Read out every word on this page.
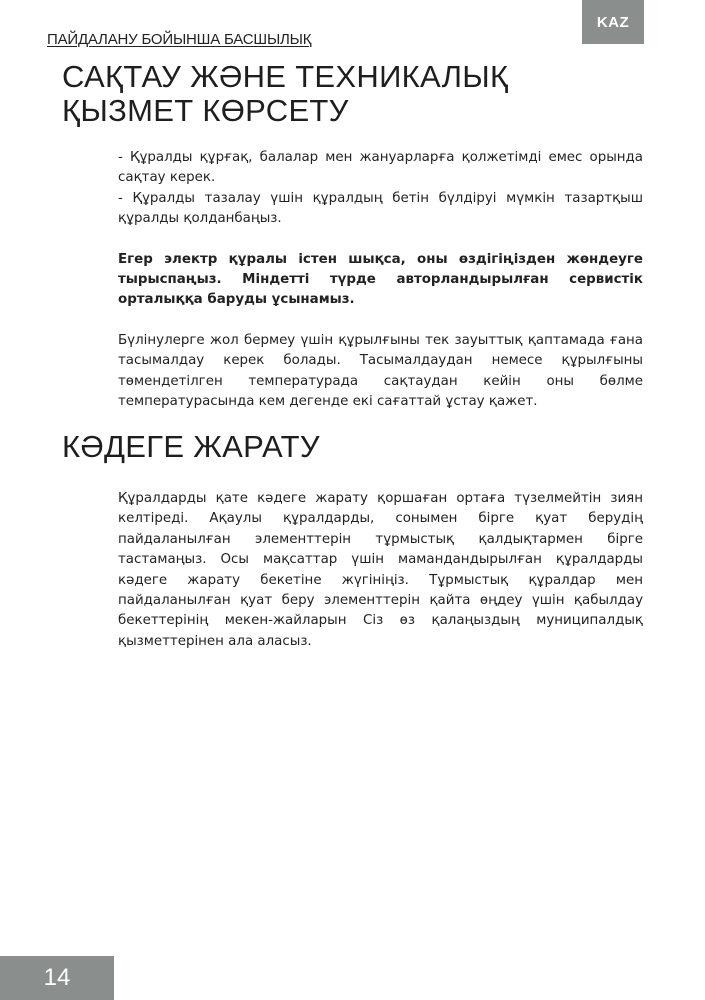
KAZ
ПАЙДАЛАНУ БОЙЫНША БАСШЫЛЫҚ
САҚТАУ ЖӘНЕ ТЕХНИКАЛЫҚ ҚЫЗМЕТ КӨРСЕТУ

- Құралды құрғақ, балалар мен жануарларға қолжетімді емес орында сақтау керек.

- Құралды тазалау үшін құралдың бетін бүлдіруі мүмкін тазартқыш құралды қолданбаңыз.

Егер электр құралы істен шықса, оны өздігіңізден жөндеуге тырыспаңыз. Міндетті түрде авторландырылған сервистік орталыққа баруды ұсынамыз.

Бүлінулерге жол бермеу үшін құрылғыны тек зауыттық қаптамада ғана тасымалдау керек болады. Тасымалдаудан немесе құрылғыны төмендетілген температурада сақтаудан кейін оны бөлме температурасында кем дегенде екі сағаттай ұстау қажет.

КӘДЕГЕ ЖАРАТУ

Құралдарды қате кәдеге жарату қоршаған ортаға түзелмейтін зиян келтіреді. Ақаулы құралдарды, сонымен бірге қуат берудің пайдаланылған элементтерін тұрмыстық қалдықтармен бірге тастамаңыз. Осы мақсаттар үшін мамандандырылған құралдарды кәдеге жарату бекетіне жүгініңіз. Тұрмыстық құралдар мен пайдаланылған қуат беру элементтерін қайта өңдеу үшін қабылдау бекеттерінің мекен-жайларын Сіз өз қалаңыздың муниципалдық қызметтерінен ала аласыз.

14
